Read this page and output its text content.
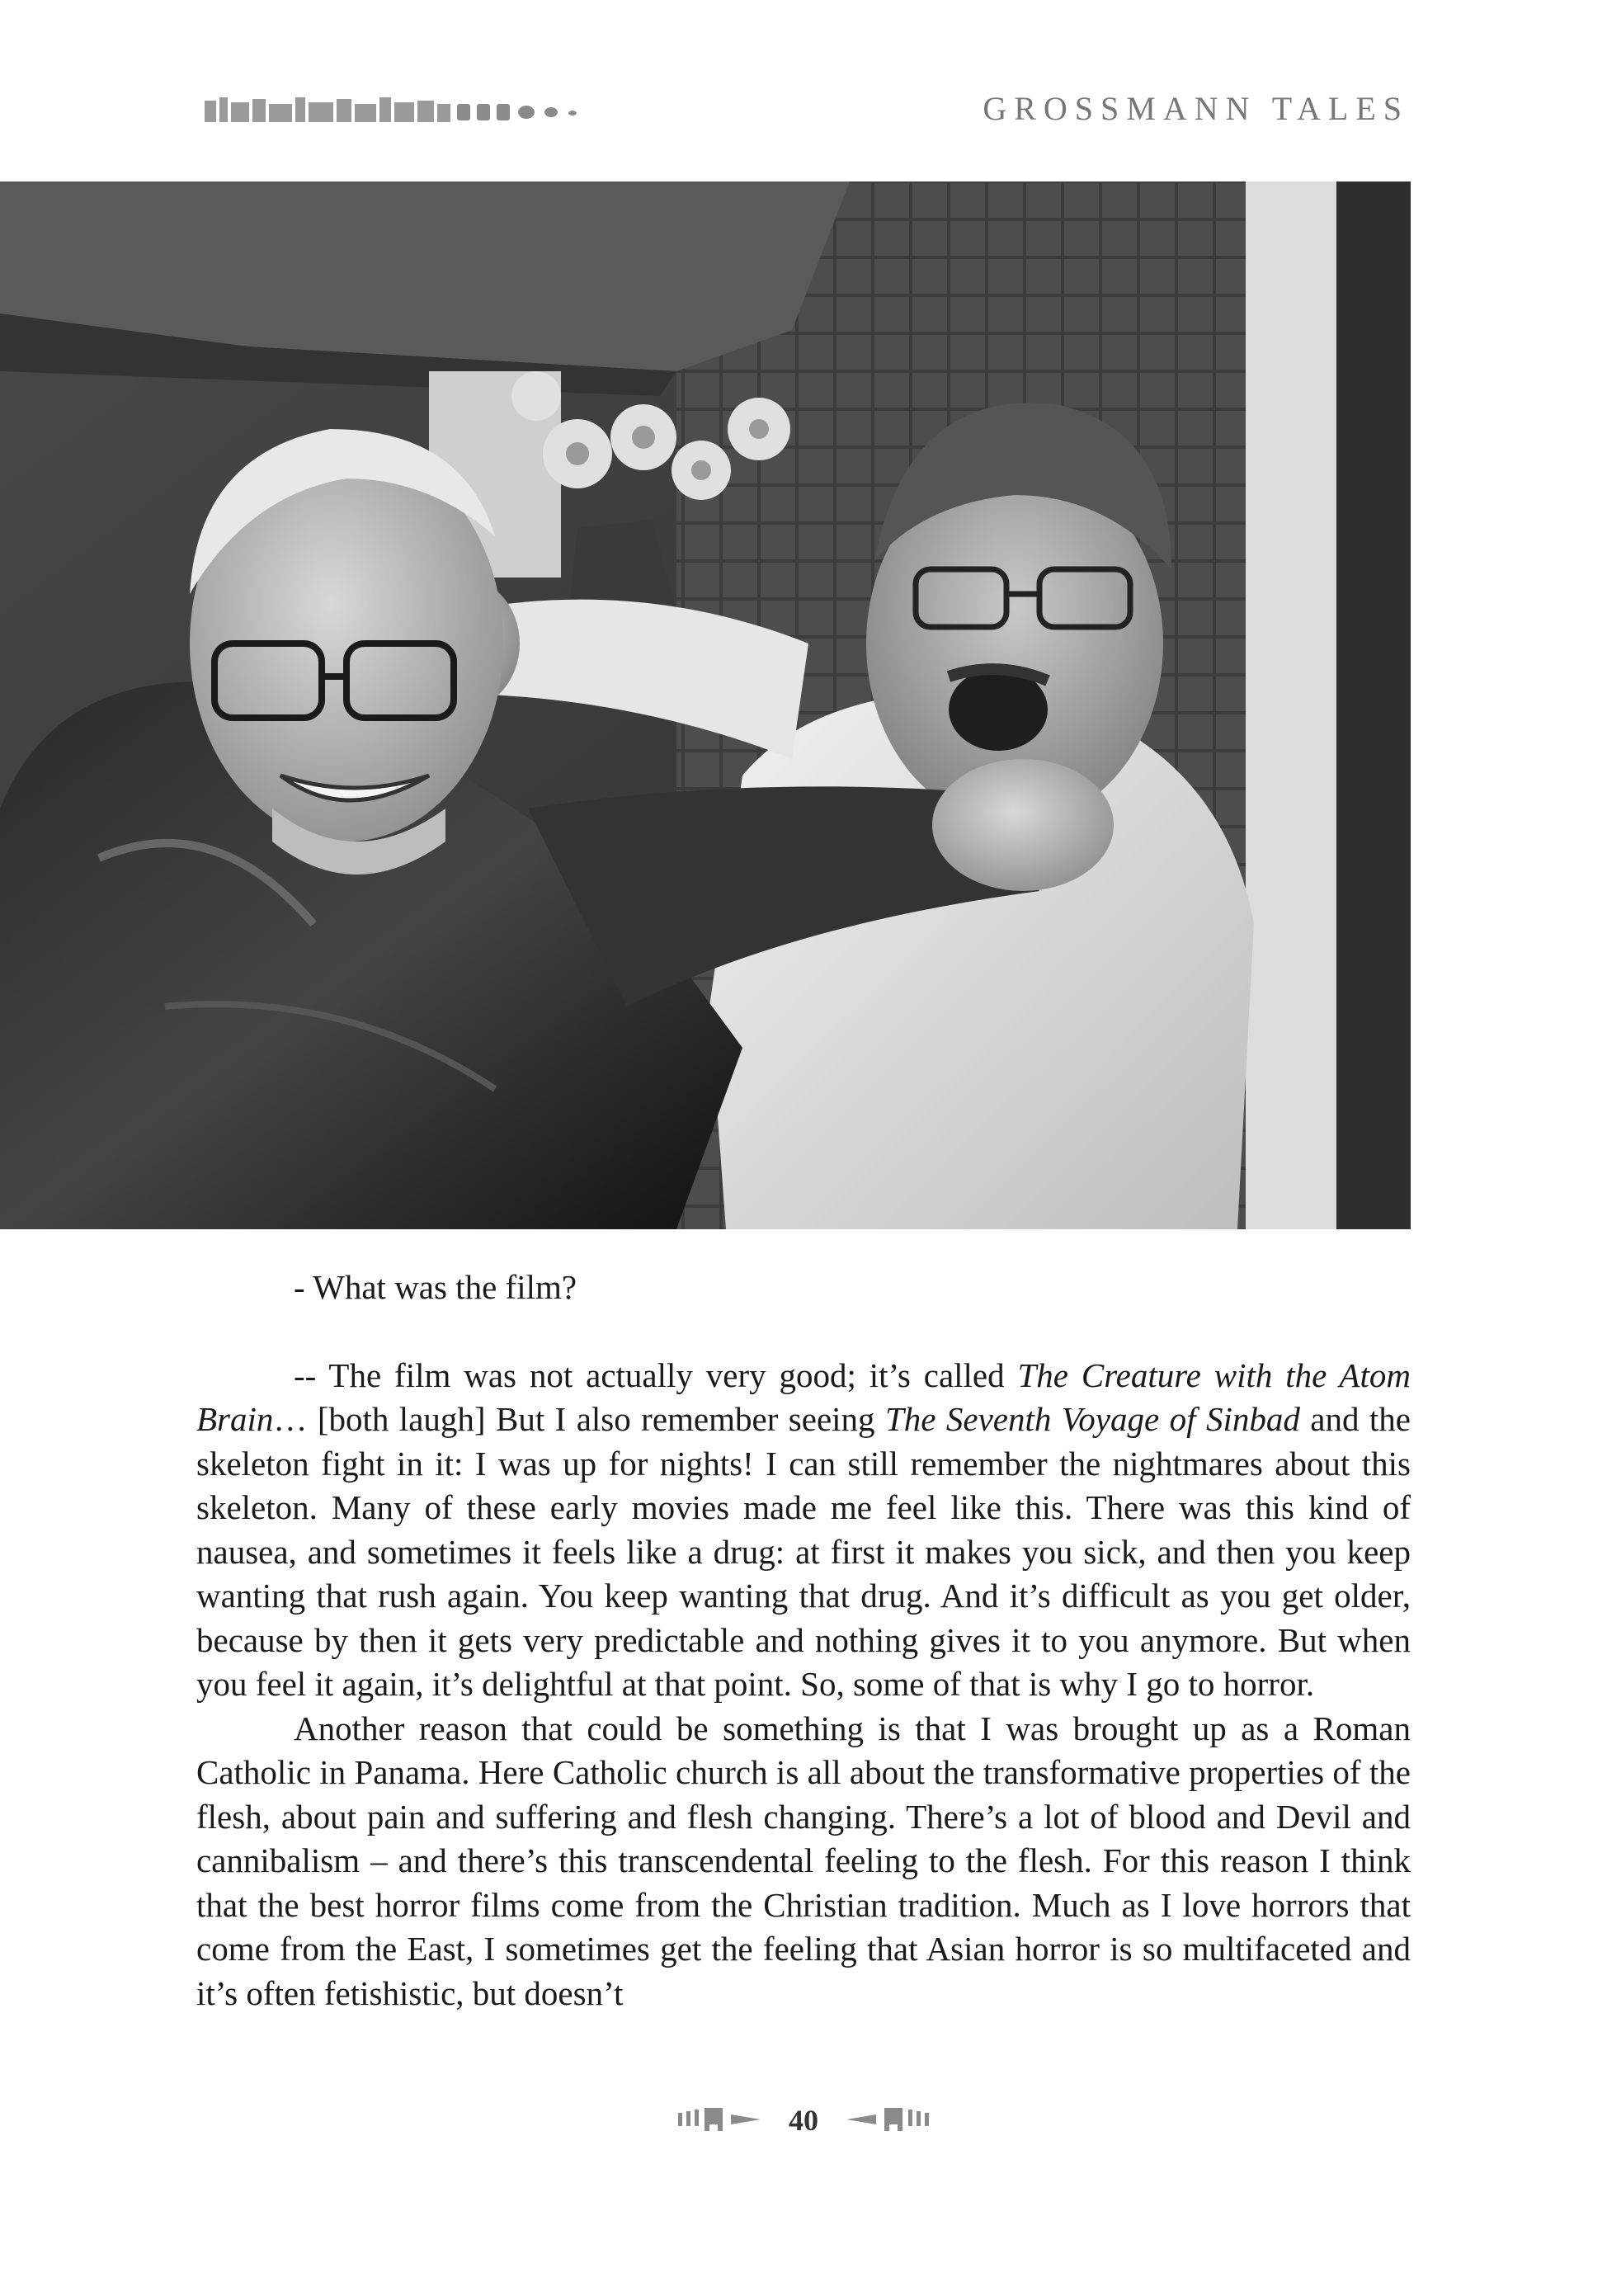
GROSSMANN TALES

- What was the film?

-- The film was not actually very good; it’s called The Creature with the Atom Brain… [both laugh] But I also remember seeing The Seventh Voyage of Sinbad and the skeleton fight in it: I was up for nights! I can still remember the nightmares about this skeleton. Many of these early movies made me feel like this. There was this kind of nausea, and sometimes it feels like a drug: at first it makes you sick, and then you keep wanting that rush again. You keep wanting that drug. And it’s difficult as you get older, because by then it gets very predictable and nothing gives it to you anymore. But when you feel it again, it’s delightful at that point. So, some of that is why I go to horror.

Another reason that could be something is that I was brought up as a Roman Catholic in Panama. Here Catholic church is all about the transformative properties of the flesh, about pain and suffering and flesh changing. There’s a lot of blood and Devil and cannibalism – and there’s this transcendental feeling to the flesh. For this reason I think that the best horror films come from the Christian tradition. Much as I love horrors that come from the East, I sometimes get the feeling that Asian horror is so multifaceted and it’s often fetishistic, but doesn’t

40
